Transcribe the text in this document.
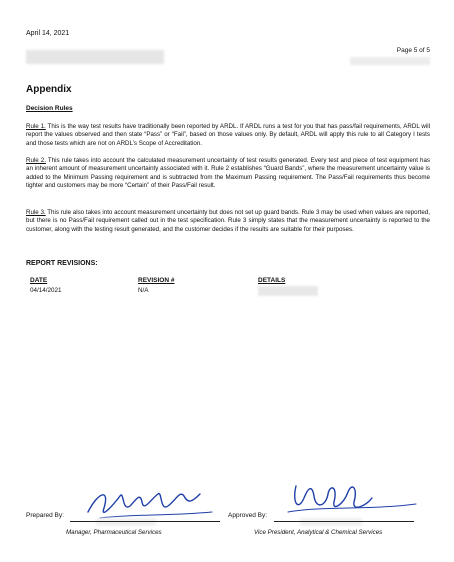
April 14, 2021
Page 5 of 5
Appendix
Decision Rules
Rule 1. This is the way test results have traditionally been reported by ARDL. If ARDL runs a test for you that has pass/fail requirements, ARDL will report the values observed and then state “Pass” or “Fail”, based on those values only. By default, ARDL will apply this rule to all Category I tests and those tests which are not on ARDL’s Scope of Accreditation.
Rule 2. This rule takes into account the calculated measurement uncertainty of test results generated. Every test and piece of test equipment has an inherent amount of measurement uncertainty associated with it. Rule 2 establishes “Guard Bands”, where the measurement uncertainty value is added to the Minimum Passing requirement and is subtracted from the Maximum Passing requirement. The Pass/Fail requirements thus become tighter and customers may be more “Certain” of their Pass/Fail result.
Rule 3. This rule also takes into account measurement uncertainty but does not set up guard bands. Rule 3 may be used when values are reported, but there is no Pass/Fail requirement called out in the test specification. Rule 3 simply states that the measurement uncertainty is reported to the customer, along with the testing result generated, and the customer decides if the results are suitable for their purposes.
REPORT REVISIONS:
DATE	REVISION #	DETAILS
04/14/2021	N/A
Prepared By:
Manager, Pharmaceutical Services
Approved By:
Vice President, Analytical & Chemical Services
